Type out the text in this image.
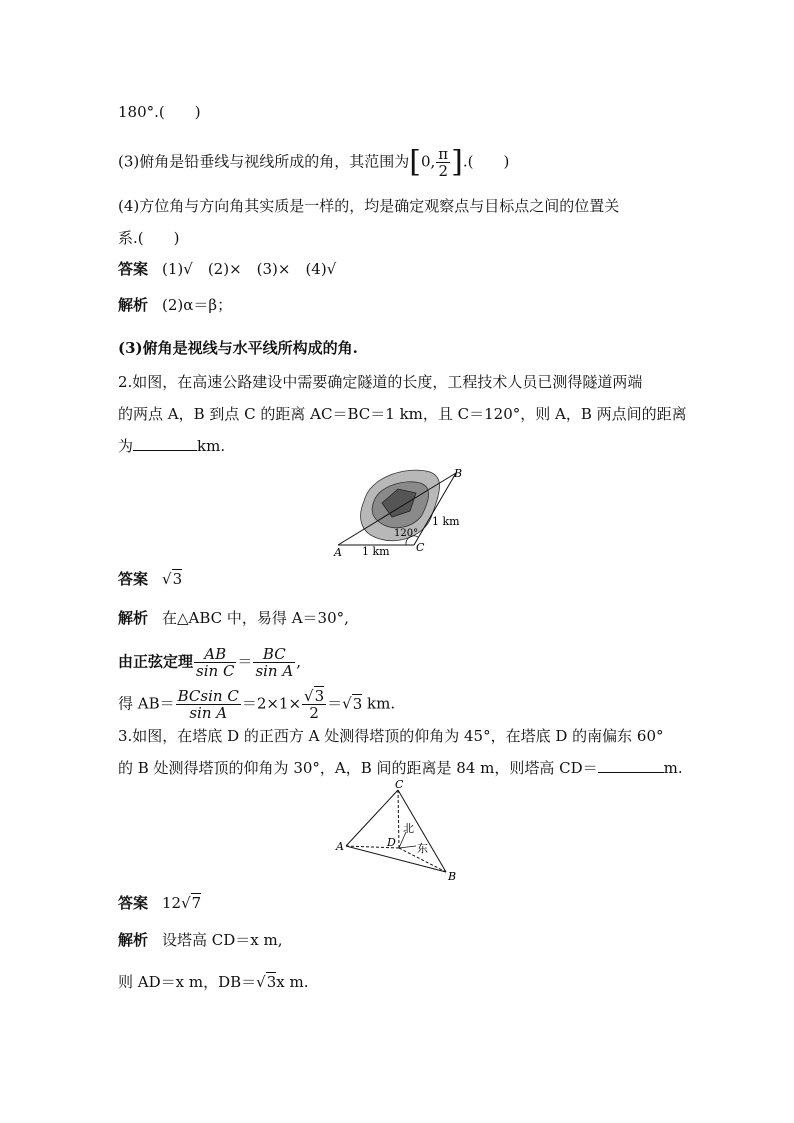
180°.(　　)
(3)俯角是铅垂线与视线所成的角，其范围为[0, $\frac{\pi}{2}$ ].(　　)
(4)方位角与方向角其实质是一样的，均是确定观察点与目标点之间的位置关
系.(　　)
答案 (1)√　(2)×　(3)×　(4)√
解析 (2)α＝β；
(3)俯角是视线与水平线所构成的角.
2.如图，在高速公路建设中需要确定隧道的长度，工程技术人员已测得隧道两端
的两点 A，B 到点 C 的距离 AC＝BC＝1 km，且 C＝120°，则 A，B 两点间的距离
为	km.
A
B
C
120°
1 km
1 km
答案 √3
解析 在△ABC 中，易得 A＝30°,
由正弦定理 $\frac{AB}{\text{sin C}} = \frac{BC}{\text{sin A}}$ ,
得 $AB= \frac{\text{BCsin C}}{\text{sin A}} =2\times 1\times \frac{√3}{2} =√3$ km.
3.如图，在塔底 D 的正西方 A 处测得塔顶的仰角为 45°，在塔底 D 的南偏东 60°
的 B 处测得塔顶的仰角为 30°，A，B 间的距离是 84 m，则塔高 CD＝	m.
A
B
C
D
北
东
答案 12√7
解析 设塔高 CD＝x m,
则 AD＝x m，DB＝√3x m.
